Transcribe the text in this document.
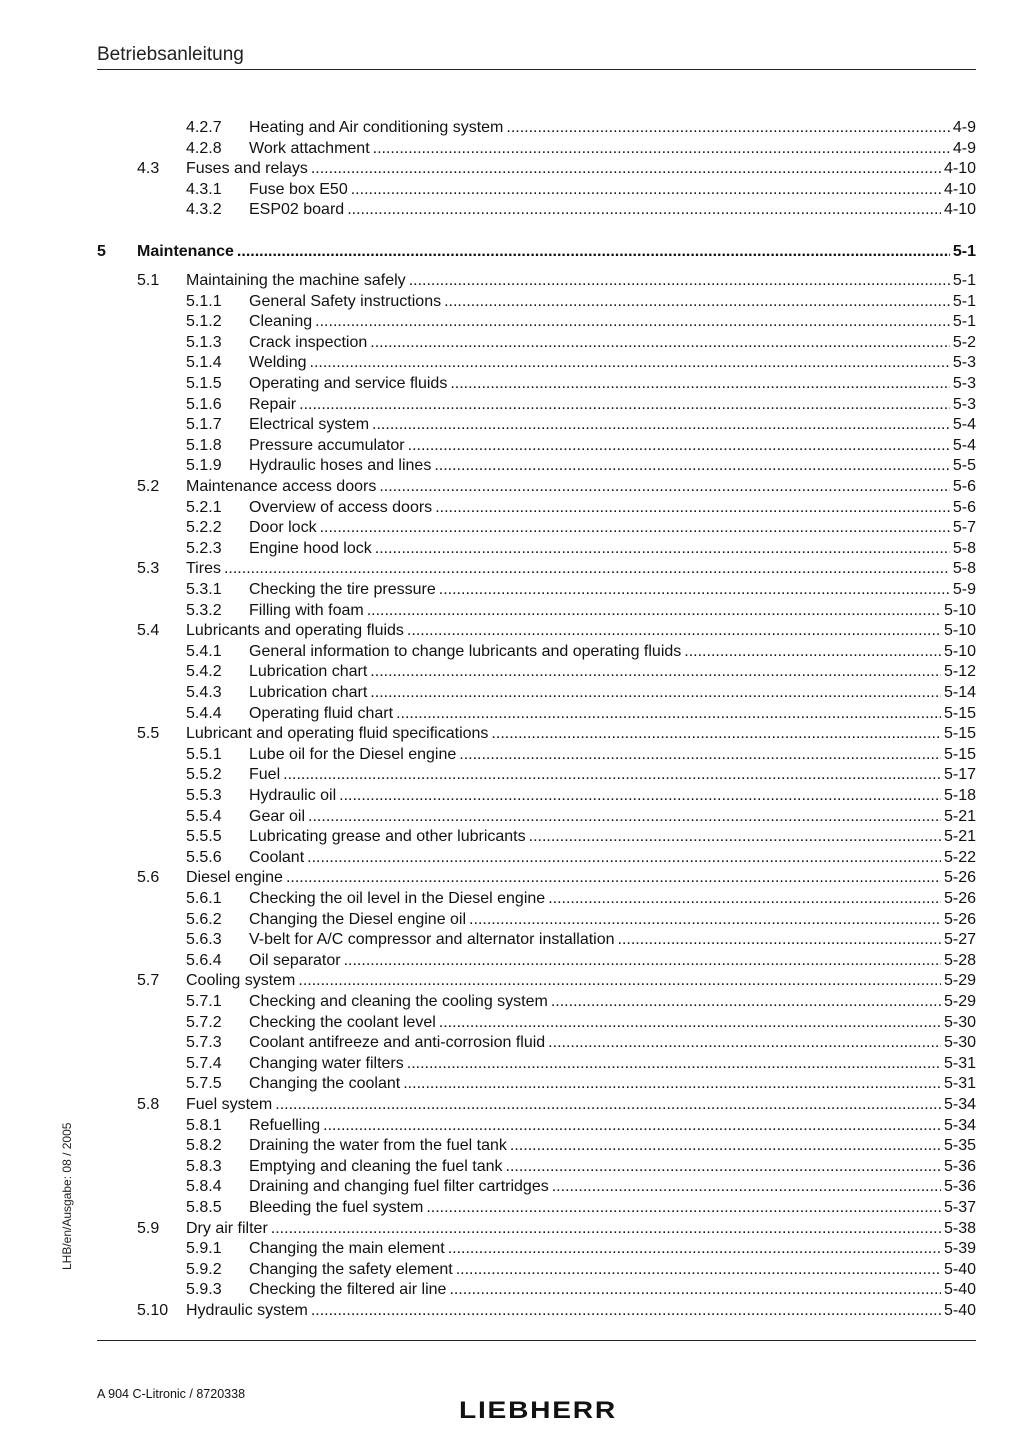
Betriebsanleitung
LHB/en/Ausgabe: 08 / 2005
4.2.7 Heating and Air conditioning system .....	4-9
4.2.8 Work attachment .....	4-9
4.3 Fuses and relays .....	4-10
4.3.1 Fuse box E50 .....	4-10
4.3.2 ESP02 board .....	4-10
5 Maintenance .....	5-1
5.1 Maintaining the machine safely .....	5-1
5.1.1 General Safety instructions .....	5-1
5.1.2 Cleaning .....	5-1
5.1.3 Crack inspection .....	5-2
5.1.4 Welding .....	5-3
5.1.5 Operating and service fluids .....	5-3
5.1.6 Repair .....	5-3
5.1.7 Electrical system .....	5-4
5.1.8 Pressure accumulator .....	5-4
5.1.9 Hydraulic hoses and lines .....	5-5
5.2 Maintenance access doors .....	5-6
5.2.1 Overview of access doors .....	5-6
5.2.2 Door lock .....	5-7
5.2.3 Engine hood lock .....	5-8
5.3 Tires .....	5-8
5.3.1 Checking the tire pressure .....	5-9
5.3.2 Filling with foam .....	5-10
5.4 Lubricants and operating fluids .....	5-10
5.4.1 General information to change lubricants and operating fluids .....	5-10
5.4.2 Lubrication chart .....	5-12
5.4.3 Lubrication chart .....	5-14
5.4.4 Operating fluid chart .....	5-15
5.5 Lubricant and operating fluid specifications .....	5-15
5.5.1 Lube oil for the Diesel engine .....	5-15
5.5.2 Fuel .....	5-17
5.5.3 Hydraulic oil .....	5-18
5.5.4 Gear oil .....	5-21
5.5.5 Lubricating grease and other lubricants .....	5-21
5.5.6 Coolant .....	5-22
5.6 Diesel engine .....	5-26
5.6.1 Checking the oil level in the Diesel engine .....	5-26
5.6.2 Changing the Diesel engine oil .....	5-26
5.6.3 V-belt for A/C compressor and alternator installation .....	5-27
5.6.4 Oil separator .....	5-28
5.7 Cooling system .....	5-29
5.7.1 Checking and cleaning the cooling system .....	5-29
5.7.2 Checking the coolant level .....	5-30
5.7.3 Coolant antifreeze and anti-corrosion fluid .....	5-30
5.7.4 Changing water filters .....	5-31
5.7.5 Changing the coolant .....	5-31
5.8 Fuel system .....	5-34
5.8.1 Refuelling .....	5-34
5.8.2 Draining the water from the fuel tank .....	5-35
5.8.3 Emptying and cleaning the fuel tank .....	5-36
5.8.4 Draining and changing fuel filter cartridges .....	5-36
5.8.5 Bleeding the fuel system .....	5-37
5.9 Dry air filter .....	5-38
5.9.1 Changing the main element .....	5-39
5.9.2 Changing the safety element .....	5-40
5.9.3 Checking the filtered air line .....	5-40
5.10 Hydraulic system .....	5-40
A 904 C-Litronic / 8720338
LIEBHERR
